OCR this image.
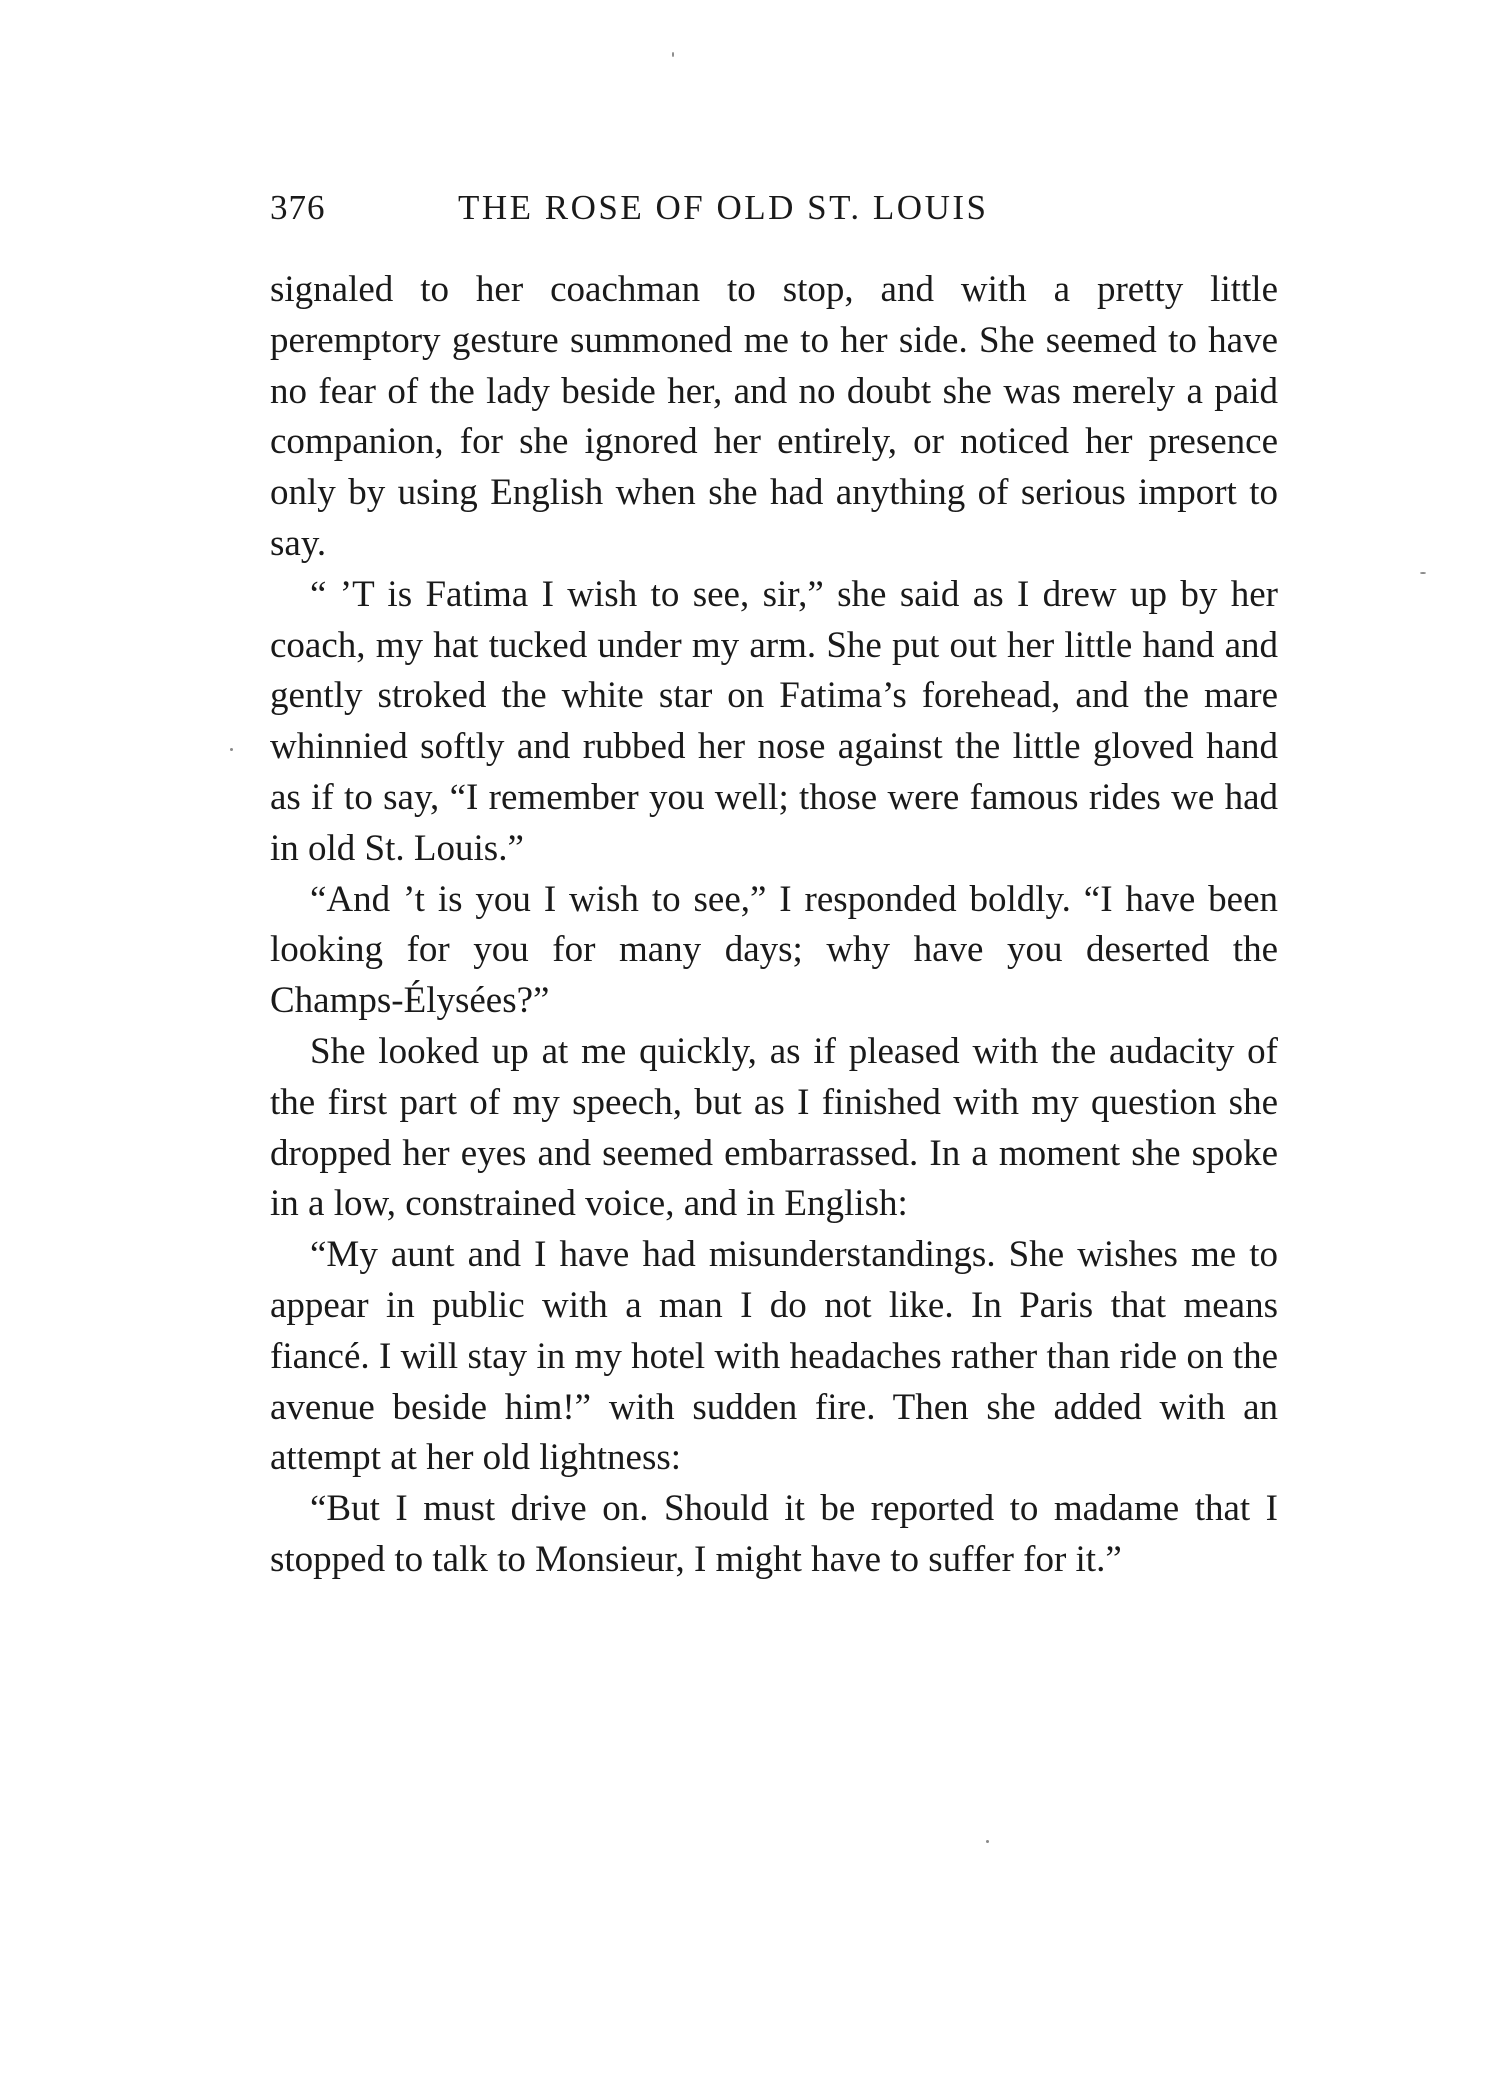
376	THE ROSE OF OLD ST. LOUIS

signaled to her coachman to stop, and with a pretty little peremptory gesture summoned me to her side. She seemed to have no fear of the lady beside her, and no doubt she was merely a paid companion, for she ignored her entirely, or noticed her presence only by using English when she had anything of serious import to say.

“ ’T is Fatima I wish to see, sir,” she said as I drew up by her coach, my hat tucked under my arm. She put out her little hand and gently stroked the white star on Fatima’s forehead, and the mare whinnied softly and rubbed her nose against the little gloved hand as if to say, “I remember you well; those were famous rides we had in old St. Louis.”

“And ’t is you I wish to see,” I responded boldly. “I have been looking for you for many days; why have you deserted the Champs-Élysées?”

She looked up at me quickly, as if pleased with the audacity of the first part of my speech, but as I finished with my question she dropped her eyes and seemed embarrassed. In a moment she spoke in a low, constrained voice, and in English:

“My aunt and I have had misunderstandings. She wishes me to appear in public with a man I do not like. In Paris that means fiancé. I will stay in my hotel with headaches rather than ride on the avenue beside him!” with sudden fire. Then she added with an attempt at her old lightness:

“But I must drive on. Should it be reported to madame that I stopped to talk to Monsieur, I might have to suffer for it.”
